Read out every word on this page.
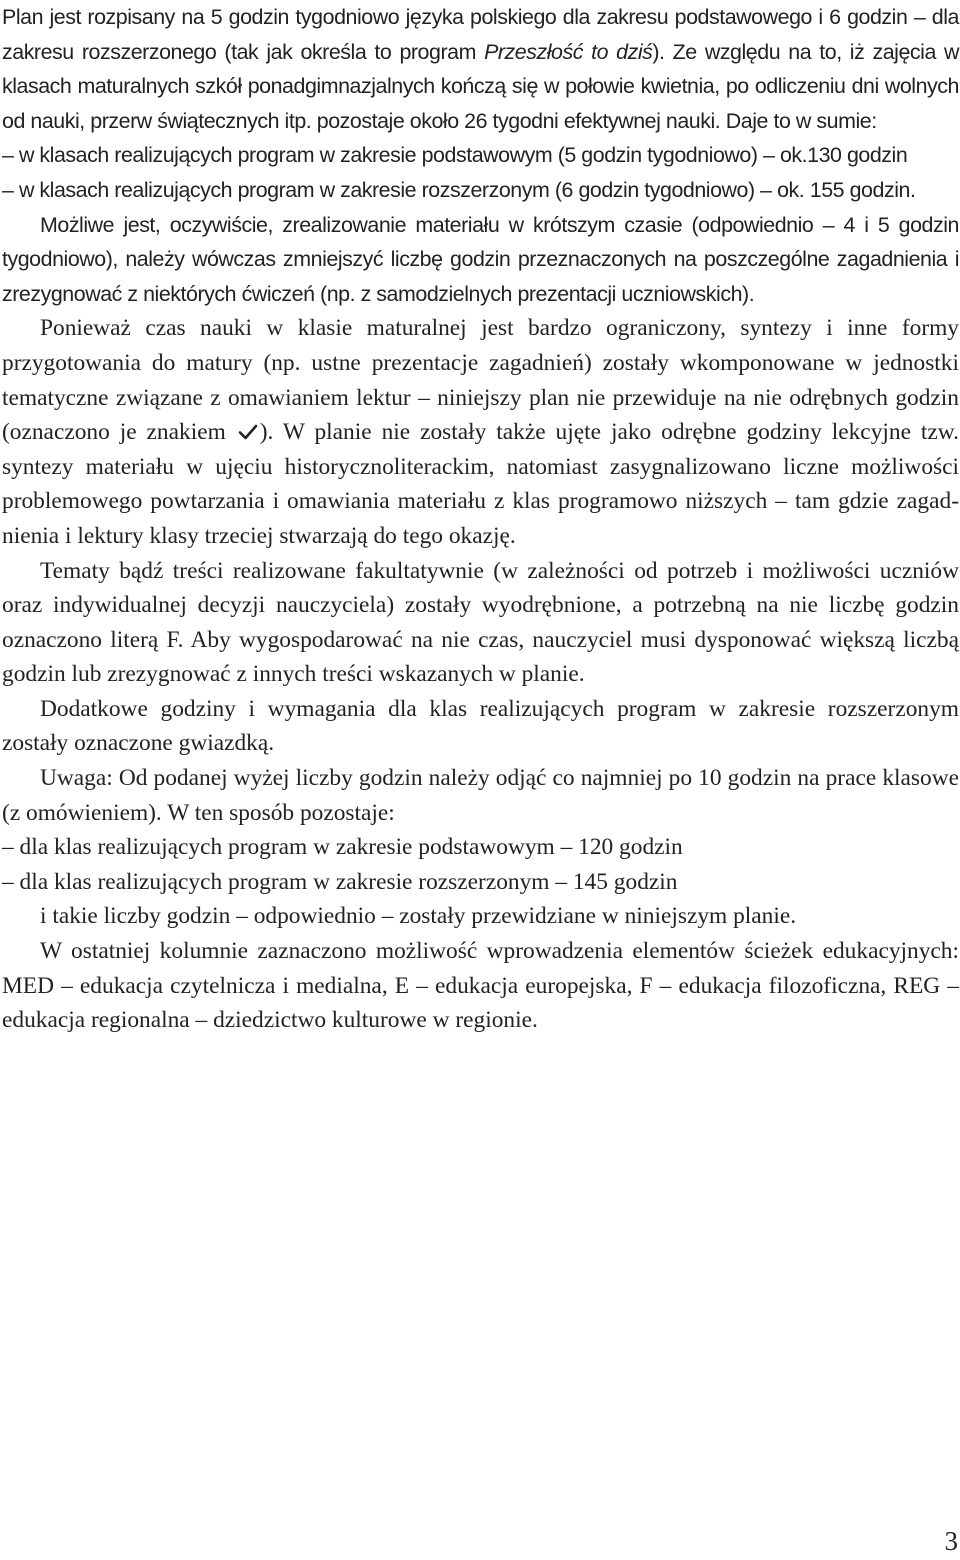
Plan jest rozpisany na 5 godzin tygodniowo języka polskiego dla zakresu podstawowego i 6 godzin – dla zakresu rozszerzonego (tak jak określa to program Przeszłość to dziś). Ze względu na to, iż zajęcia w klasach maturalnych szkół ponadgimnazjalnych kończą się w połowie kwietnia, po odliczeniu dni wolnych od nauki, przerw świątecznych itp. pozostaje około 26 tygodni efektywnej nauki. Daje to w sumie:

– w klasach realizujących program w zakresie podstawowym (5 godzin tygodniowo) – ok.130 godzin

– w klasach realizujących program w zakresie rozszerzonym (6 godzin tygodniowo) – ok. 155 godzin.

Możliwe jest, oczywiście, zrealizowanie materiału w krótszym czasie (odpowiednio – 4 i 5 godzin tygodniowo), należy wówczas zmniejszyć liczbę godzin przeznaczonych na poszczególne zagadnienia i zrezygnować z niektórych ćwiczeń (np. z samodzielnych prezentacji uczniowskich).

Ponieważ czas nauki w klasie maturalnej jest bardzo ograniczony, syntezy i inne formy przygotowania do matury (np. ustne prezentacje zagadnień) zostały wkomponowane w jednostki tematyczne związane z omawianiem lektur – niniejszy plan nie przewiduje na nie odrębnych godzin (oznaczono je znakiem ). W planie nie zostały także ujęte jako odrębne godziny lekcyjne tzw. syntezy materiału w ujęciu historycznoliterackim, natomiast zasygnalizowano liczne możliwości problemowego powtarzania i omawiania materiału z klas programowo niższych – tam gdzie zagadnienia i lektury klasy trzeciej stwarzają do tego okazję.

Tematy bądź treści realizowane fakultatywnie (w zależności od potrzeb i możliwości uczniów oraz indywidualnej decyzji nauczyciela) zostały wyodrębnione, a potrzebną na nie liczbę godzin oznaczono literą F. Aby wygospodarować na nie czas, nauczyciel musi dysponować większą liczbą godzin lub zrezygnować z innych treści wskazanych w planie.

Dodatkowe godziny i wymagania dla klas realizujących program w zakresie rozszerzonym zostały oznaczone gwiazdką.

Uwaga: Od podanej wyżej liczby godzin należy odjąć co najmniej po 10 godzin na prace klasowe (z omówieniem). W ten sposób pozostaje:

– dla klas realizujących program w zakresie podstawowym – 120 godzin

– dla klas realizujących program w zakresie rozszerzonym – 145 godzin

i takie liczby godzin – odpowiednio – zostały przewidziane w niniejszym planie.

W ostatniej kolumnie zaznaczono możliwość wprowadzenia elementów ścieżek edukacyjnych: MED – edukacja czytelnicza i medialna, E – edukacja europejska, F – edukacja filozoficzna, REG – edukacja regionalna – dziedzictwo kulturowe w regionie.

3
